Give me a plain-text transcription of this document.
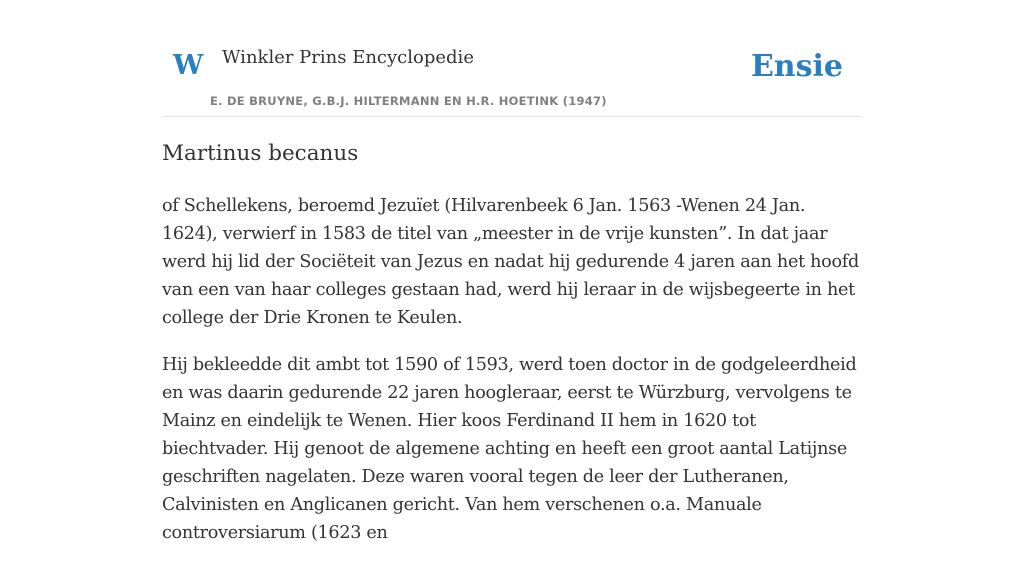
W Winkler Prins Encyclopedie
E. DE BRUYNE, G.B.J. HILTERMANN EN H.R. HOETINK (1947)
Ensie
Martinus becanus

of Schellekens, beroemd Jezuïet (Hilvarenbeek 6 Jan. 1563 -Wenen 24 Jan. 1624), verwierf in 1583 de titel van „meester in de vrije kunsten”. In dat jaar werd hij lid der Sociëteit van Jezus en nadat hij gedurende 4 jaren aan het hoofd van een van haar colleges gestaan had, werd hij leraar in de wijsbegeerte in het college der Drie Kronen te Keulen.

Hij bekleedde dit ambt tot 1590 of 1593, werd toen doctor in de godgeleerdheid en was daarin gedurende 22 jaren hoogleraar, eerst te Würzburg, vervolgens te Mainz en eindelijk te Wenen. Hier koos Ferdinand II hem in 1620 tot biechtvader. Hij genoot de algemene achting en heeft een groot aantal Latijnse geschriften nagelaten. Deze waren vooral tegen de leer der Lutheranen, Calvinisten en Anglicanen gericht. Van hem verschenen o.a. Manuale controversiarum (1623 en
